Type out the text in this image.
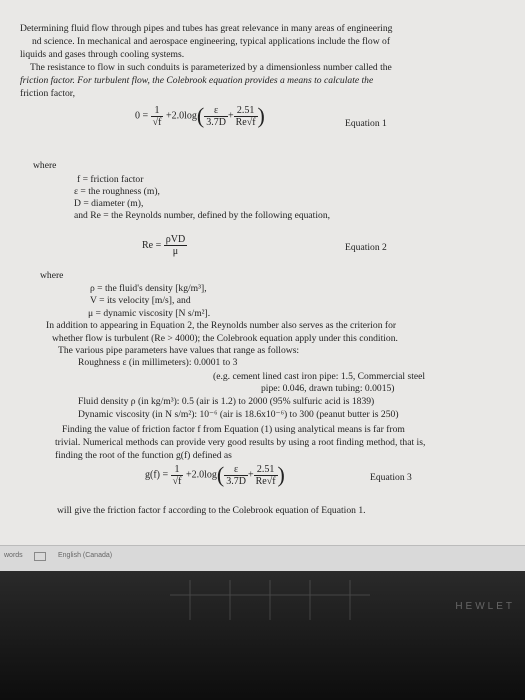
Determining fluid flow through pipes and tubes has great relevance in many areas of engineering
nd science. In mechanical and aerospace engineering, typical applications include the flow of
liquids and gases through cooling systems.
The resistance to flow in such conduits is parameterized by a dimensionless number called the
friction factor. For turbulent flow, the Colebrook equation provides a means to calculate the
friction factor,
$0 = \frac{1}{√f} +2.0\log( \frac{\varepsilon}{3.7D} + \frac{2.51}{Re√f}$ )	Equation 1
where
f = friction factor
ε = the roughness (m),
D = diameter (m),
and Re = the Reynolds number, defined by the following equation,
$Re = \frac{\text{ρVD}}{\mu}$	Equation 2
where
ρ = the fluid's density [kg/m³],
V = its velocity [m/s], and
μ = dynamic viscosity [N s/m²].
In addition to appearing in Equation 2, the Reynolds number also serves as the criterion for
whether flow is turbulent (Re > 4000); the Colebrook equation apply under this condition.
The various pipe parameters have values that range as follows:
Roughness ε (in millimeters): 0.0001 to 3
(e.g. cement lined cast iron pipe: 1.5, Commercial steel
pipe: 0.046, drawn tubing: 0.0015)
Fluid density ρ (in kg/m³): 0.5 (air is 1.2) to 2000 (95% sulfuric acid is 1839)
Dynamic viscosity (in N s/m²): 10⁻⁶ (air is 18.6x10⁻⁶) to 300 (peanut butter is 250)
Finding the value of friction factor f from Equation (1) using analytical means is far from
trivial. Numerical methods can provide very good results by using a root finding method, that is,
finding the root of the function g(f) defined as
$g(f) = \frac{1}{√f} +2.0\log( \frac{\varepsilon}{3.7D} + \frac{2.51}{Re√f}$ )	Equation 3
will give the friction factor f according to the Colebrook equation of Equation 1.
words	English (Canada)
HEWLET
